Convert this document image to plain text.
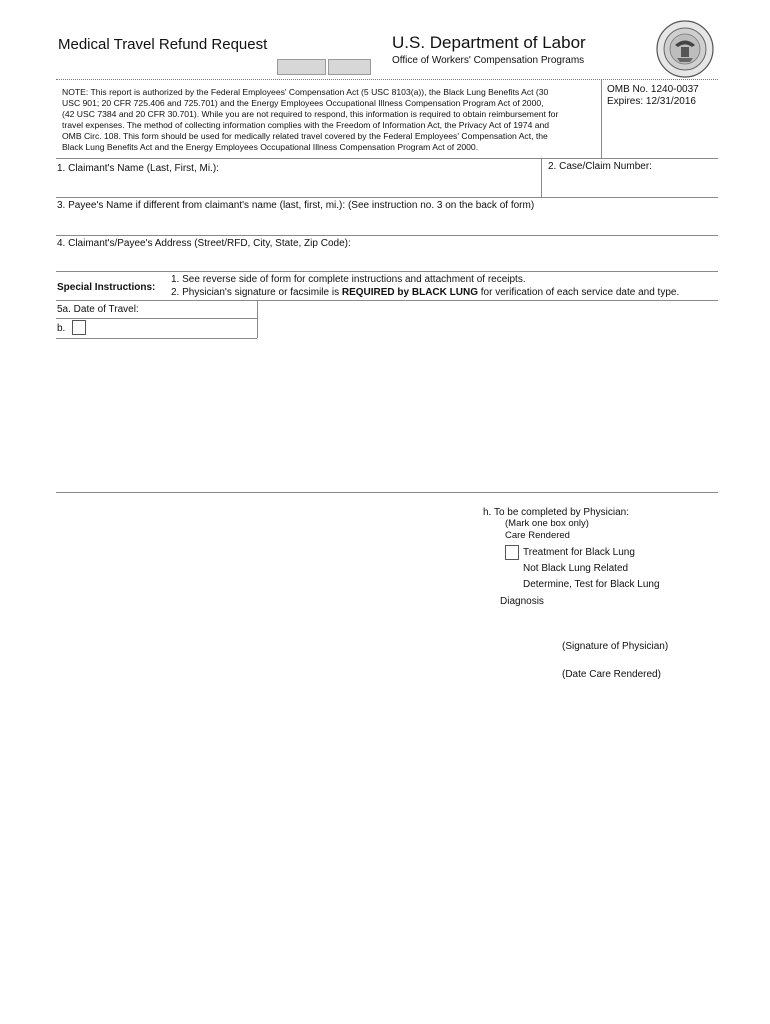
Medical Travel Refund Request	U.S. Department of Labor
Office of Workers' Compensation Programs
NOTE: This report is authorized by the Federal Employees' Compensation Act (5 USC 8103(a)), the Black Lung Benefits Act (30
USC 901; 20 CFR 725.406 and 725.701) and the Energy Employees Occupational Illness Compensation Program Act of 2000,
(42 USC 7384 and 20 CFR 30.701). While you are not required to respond, this information is required to obtain reimbursement for
travel expenses. The method of collecting information complies with the Freedom of Information Act, the Privacy Act of 1974 and
OMB Circ. 108. This form should be used for medically related travel covered by the Federal Employees' Compensation Act, the
Black Lung Benefits Act and the Energy Employees Occupational Illness Compensation Program Act of 2000.
OMB No. 1240-0037
Expires: 12/31/2016
1. Claimant's Name (Last, First, Mi.):	2. Case/Claim Number:
3. Payee's Name if different from claimant's name (last, first, mi.): (See instruction no. 3 on the back of form)
4. Claimant's/Payee's Address (Street/RFD, City, State, Zip Code):
Special Instructions:
1. See reverse side of form for complete instructions and attachment of receipts.
2. Physician's signature or facsimile is REQUIRED by BLACK LUNG for verification of each service date and type.
5a. Date of Travel:
b.
h. To be completed by Physician:
(Mark one box only)
Care Rendered
Treatment for Black Lung
Not Black Lung Related
Determine, Test for Black Lung
Diagnosis
(Signature of Physician)
(Date Care Rendered)
